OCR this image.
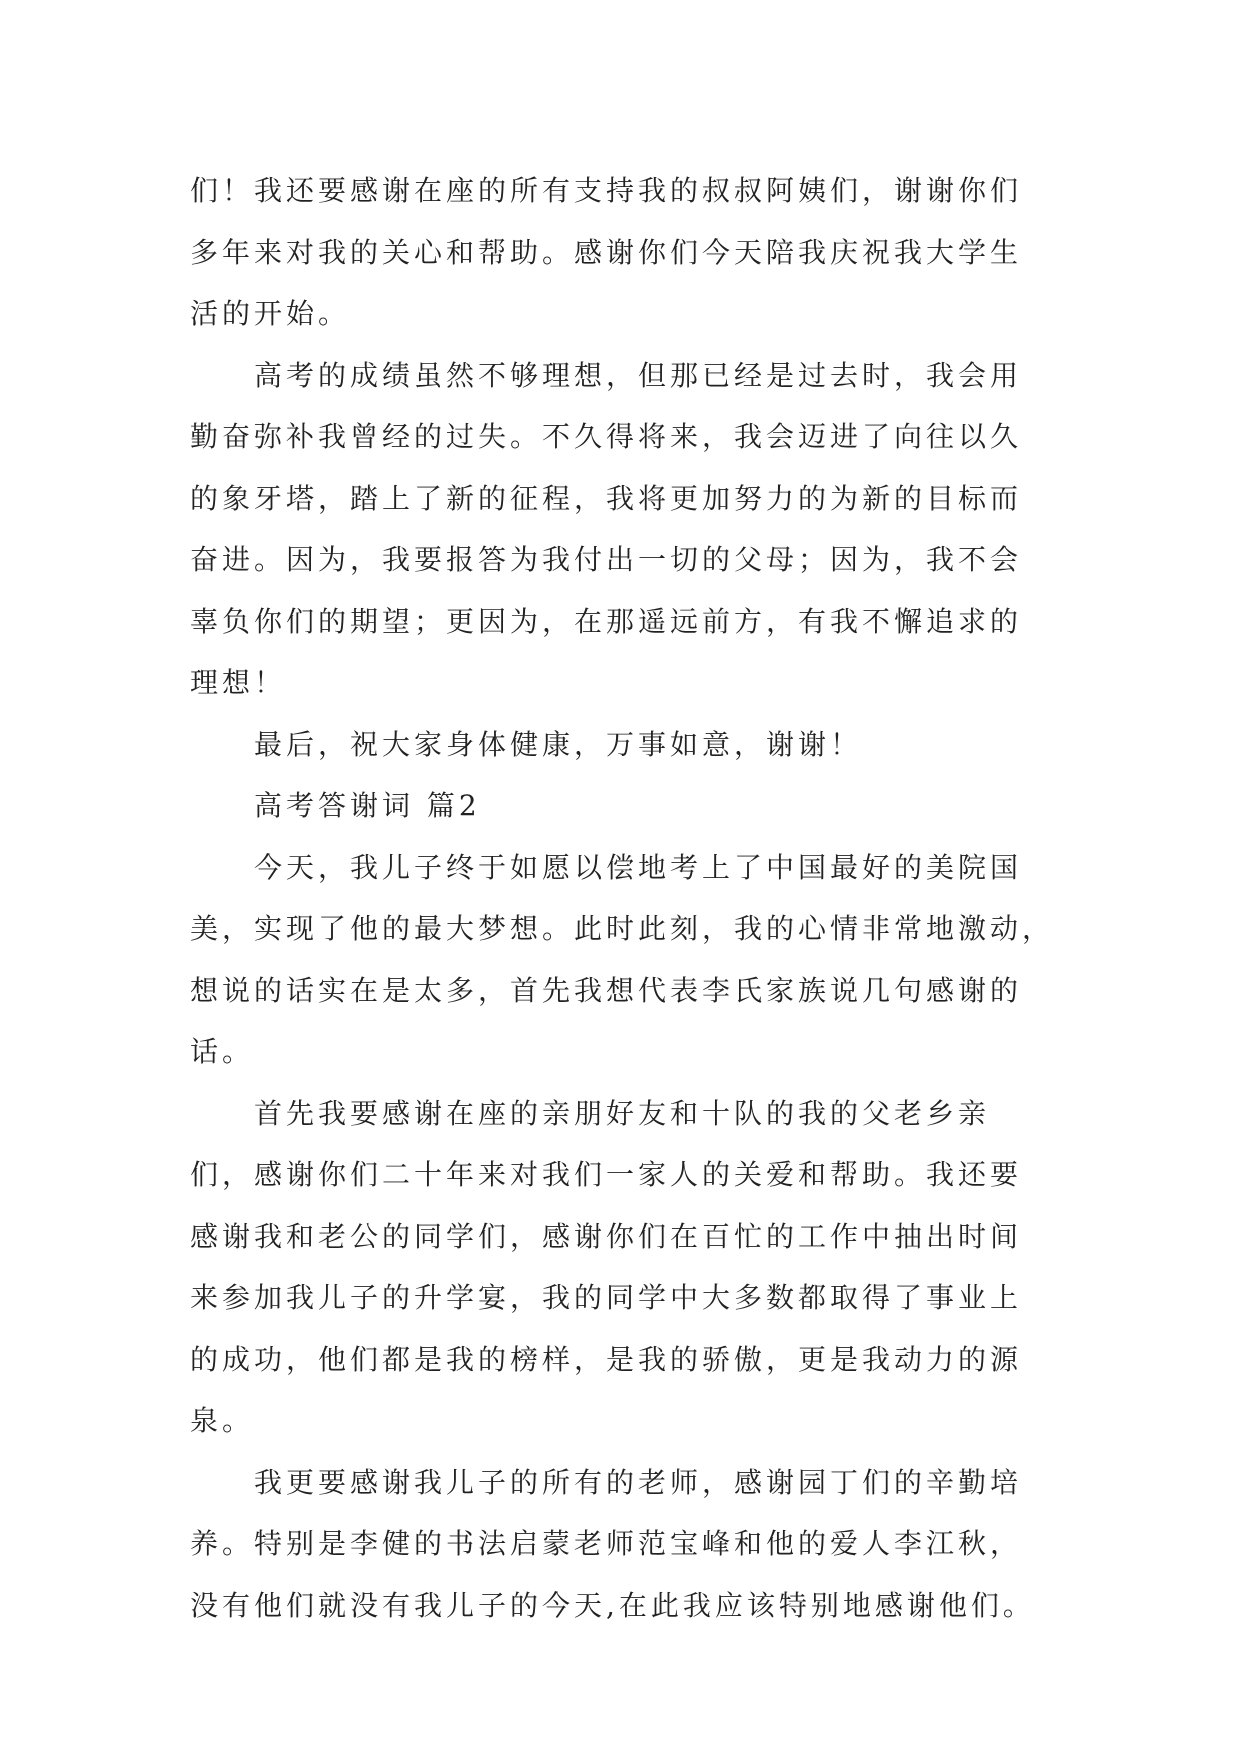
们！我还要感谢在座的所有支持我的叔叔阿姨们，谢谢你们
多年来对我的关心和帮助。感谢你们今天陪我庆祝我大学生
活的开始。
高考的成绩虽然不够理想，但那已经是过去时，我会用
勤奋弥补我曾经的过失。不久得将来，我会迈进了向往以久
的象牙塔，踏上了新的征程，我将更加努力的为新的目标而
奋进。因为，我要报答为我付出一切的父母；因为，我不会
辜负你们的期望；更因为，在那遥远前方，有我不懈追求的
理想！
最后，祝大家身体健康，万事如意，谢谢！
高考答谢词 篇2
今天，我儿子终于如愿以偿地考上了中国最好的美院国
美，实现了他的最大梦想。此时此刻，我的心情非常地激动，
想说的话实在是太多，首先我想代表李氏家族说几句感谢的
话。
首先我要感谢在座的亲朋好友和十队的我的父老乡亲
们，感谢你们二十年来对我们一家人的关爱和帮助。我还要
感谢我和老公的同学们，感谢你们在百忙的工作中抽出时间
来参加我儿子的升学宴，我的同学中大多数都取得了事业上
的成功，他们都是我的榜样，是我的骄傲，更是我动力的源
泉。
我更要感谢我儿子的所有的老师，感谢园丁们的辛勤培
养。特别是李健的书法启蒙老师范宝峰和他的爱人李江秋，
没有他们就没有我儿子的今天,在此我应该特别地感谢他们。
